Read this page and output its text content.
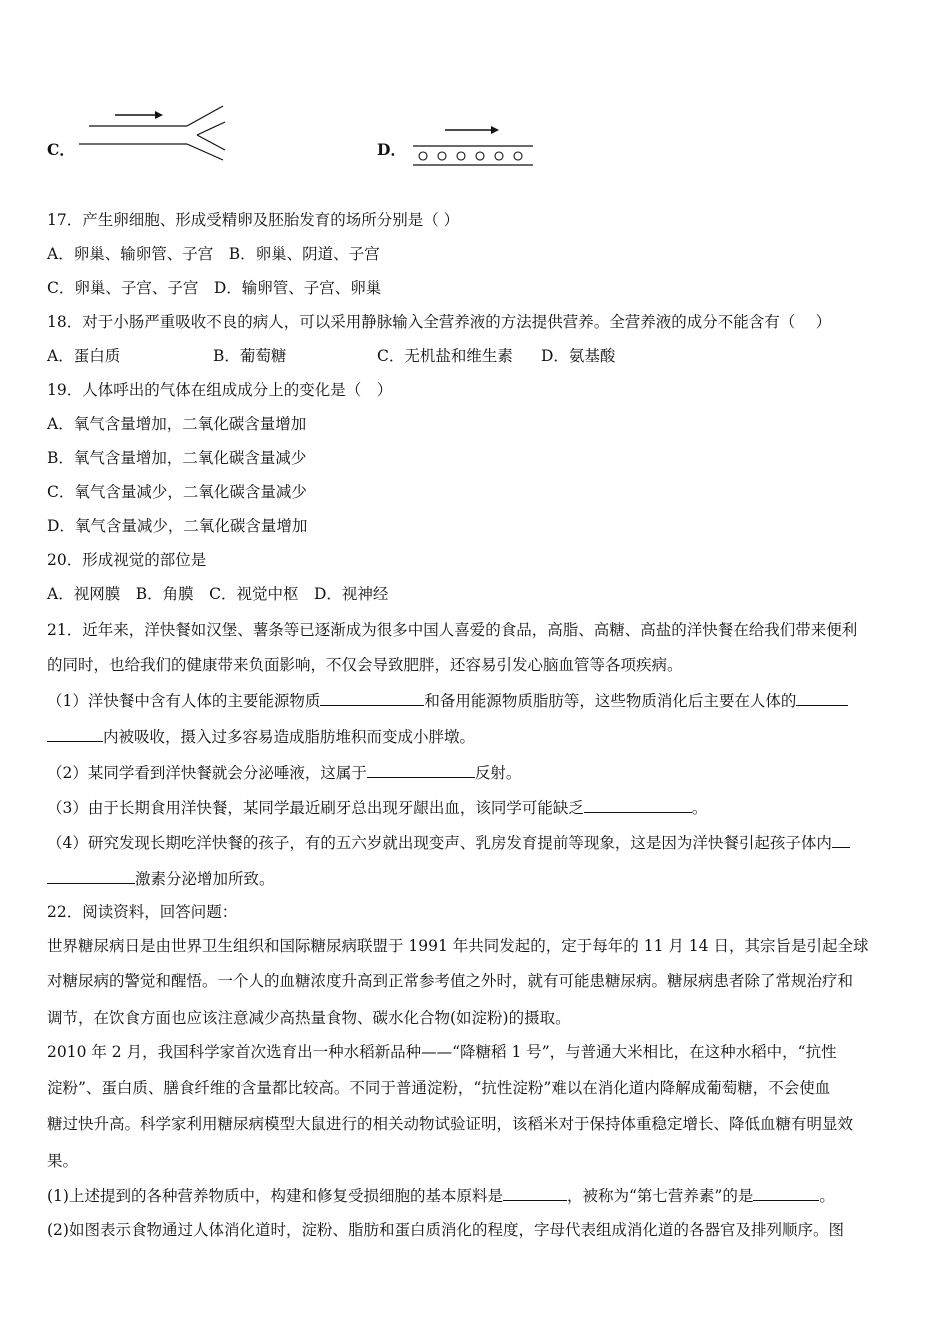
C．	D．
17．产生卵细胞、形成受精卵及胚胎发育的场所分别是（ ）
A．卵巢、输卵管、子宫　B．卵巢、阴道、子宫
C．卵巢、子宫、子宫　D．输卵管、子宫、卵巢
18．对于小肠严重吸收不良的病人，可以采用静脉输入全营养液的方法提供营养。全营养液的成分不能含有（　 ）
A．蛋白质	B．葡萄糖	C．无机盐和维生素 D．氨基酸
19．人体呼出的气体在组成成分上的变化是（　）
A．氧气含量增加，二氧化碳含量增加
B．氧气含量增加，二氧化碳含量减少
C．氧气含量减少，二氧化碳含量减少
D．氧气含量减少，二氧化碳含量增加
20．形成视觉的部位是
A．视网膜　B．角膜　C．视觉中枢　D．视神经
21．近年来，洋快餐如汉堡、薯条等已逐渐成为很多中国人喜爱的食品，高脂、高糖、高盐的洋快餐在给我们带来便利
的同时，也给我们的健康带来负面影响，不仅会导致肥胖，还容易引发心脑血管等各项疾病。
（1）洋快餐中含有人体的主要能源物质	和备用能源物质脂肪等，这些物质消化后主要在人体的
内被吸收，摄入过多容易造成脂肪堆积而变成小胖墩。
（2）某同学看到洋快餐就会分泌唾液，这属于	反射。
（3）由于长期食用洋快餐，某同学最近刷牙总出现牙龈出血，该同学可能缺乏	。
（4）研究发现长期吃洋快餐的孩子，有的五六岁就出现变声、乳房发育提前等现象，这是因为洋快餐引起孩子体内
激素分泌增加所致。
22．阅读资料，回答问题：
世界糖尿病日是由世界卫生组织和国际糖尿病联盟于 1991 年共同发起的，定于每年的 11 月 14 日，其宗旨是引起全球
对糖尿病的警觉和醒悟。一个人的血糖浓度升高到正常参考值之外时，就有可能患糖尿病。糖尿病患者除了常规治疗和
调节，在饮食方面也应该注意减少高热量食物、碳水化合物(如淀粉)的摄取。
2010 年 2 月，我国科学家首次选育出一种水稻新品种——“降糖稻 1 号”，与普通大米相比，在这种水稻中，“抗性
淀粉”、蛋白质、膳食纤维的含量都比较高。不同于普通淀粉，“抗性淀粉”难以在消化道内降解成葡萄糖，不会使血
糖过快升高。科学家利用糖尿病模型大鼠进行的相关动物试验证明，该稻米对于保持体重稳定增长、降低血糖有明显效
果。
(1)上述提到的各种营养物质中，构建和修复受损细胞的基本原料是	，被称为“第七营养素”的是	。
(2)如图表示食物通过人体消化道时，淀粉、脂肪和蛋白质消化的程度，字母代表组成消化道的各器官及排列顺序。图
